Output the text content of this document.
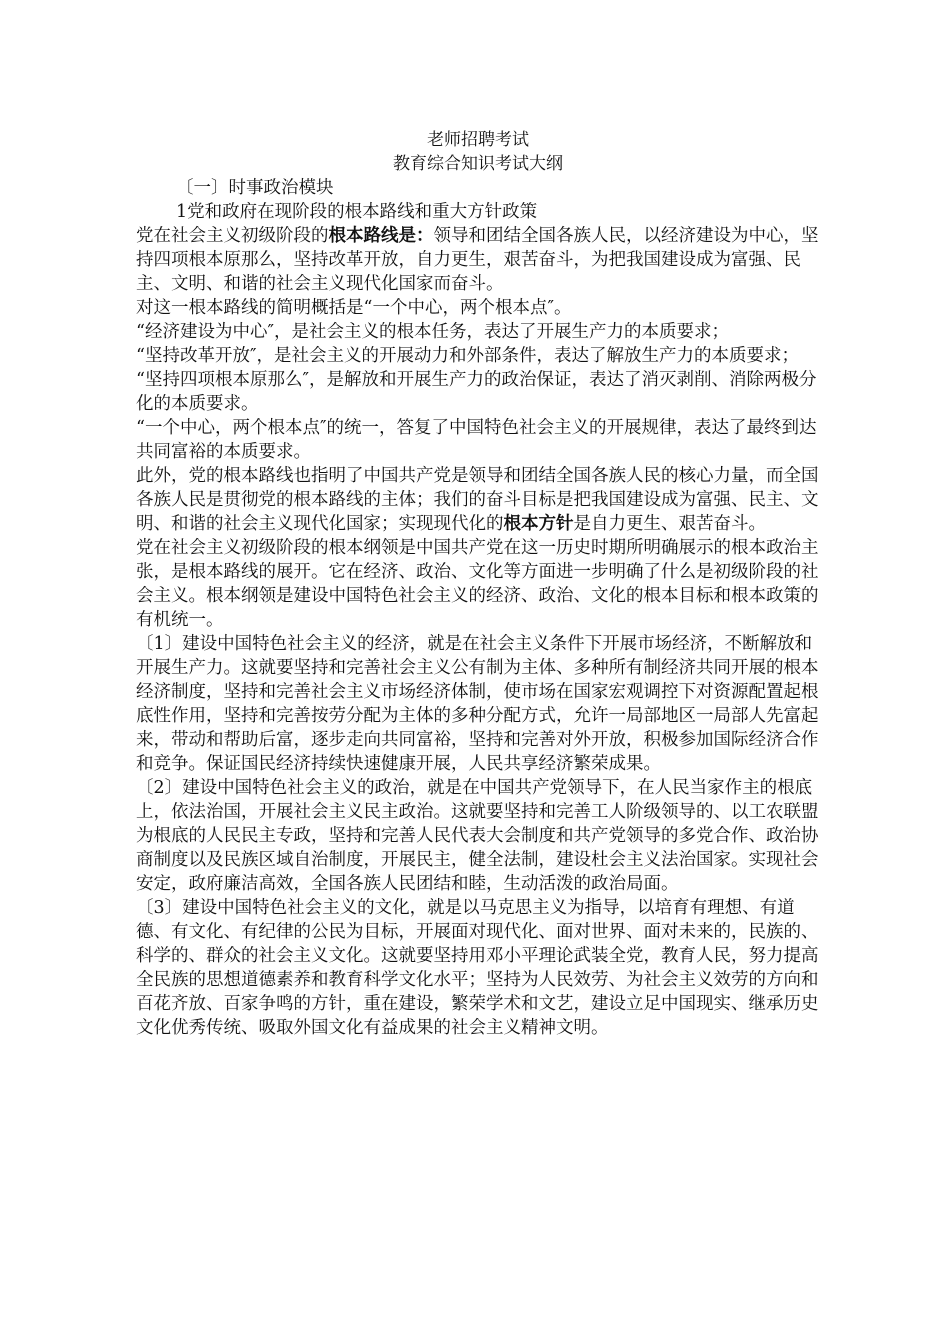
老师招聘考试

教育综合知识考试大纲

〔一〕时事政治模块

1党和政府在现阶段的根本路线和重大方针政策

党在社会主义初级阶段的根本路线是：领导和团结全国各族人民，以经济建设为中心，坚持四项根本原那么，坚持改革开放，自力更生，艰苦奋斗，为把我国建设成为富强、民主、文明、和谐的社会主义现代化国家而奋斗。

对这一根本路线的简明概括是“一个中心，两个根本点″。

“经济建设为中心″，是社会主义的根本任务，表达了开展生产力的本质要求；

“坚持改革开放″，是社会主义的开展动力和外部条件，表达了解放生产力的本质要求；

“坚持四项根本原那么″，是解放和开展生产力的政治保证，表达了消灭剥削、消除两极分化的本质要求。

“一个中心，两个根本点″的统一，答复了中国特色社会主义的开展规律，表达了最终到达共同富裕的本质要求。

此外，党的根本路线也指明了中国共产党是领导和团结全国各族人民的核心力量，而全国各族人民是贯彻党的根本路线的主体；我们的奋斗目标是把我国建设成为富强、民主、文明、和谐的社会主义现代化国家；实现现代化的根本方针是自力更生、艰苦奋斗。

党在社会主义初级阶段的根本纲领是中国共产党在这一历史时期所明确展示的根本政治主张，是根本路线的展开。它在经济、政治、文化等方面进一步明确了什么是初级阶段的社会主义。根本纲领是建设中国特色社会主义的经济、政治、文化的根本目标和根本政策的有机统一。

〔1〕建设中国特色社会主义的经济，就是在社会主义条件下开展市场经济，不断解放和开展生产力。这就要坚持和完善社会主义公有制为主体、多种所有制经济共同开展的根本经济制度，坚持和完善社会主义市场经济体制，使市场在国家宏观调控下对资源配置起根底性作用，坚持和完善按劳分配为主体的多种分配方式，允许一局部地区一局部人先富起来，带动和帮助后富，逐步走向共同富裕，坚持和完善对外开放，积极参加国际经济合作和竞争。保证国民经济持续快速健康开展，人民共享经济繁荣成果。

〔2〕建设中国特色社会主义的政治，就是在中国共产党领导下，在人民当家作主的根底上，依法治国，开展社会主义民主政治。这就要坚持和完善工人阶级领导的、以工农联盟为根底的人民民主专政，坚持和完善人民代表大会制度和共产党领导的多党合作、政治协商制度以及民族区域自治制度，开展民主，健全法制，建设杜会主义法治国家。实现社会安定，政府廉洁高效，全国各族人民团结和睦，生动活泼的政治局面。

〔3〕建设中国特色社会主义的文化，就是以马克思主义为指导，以培育有理想、有道德、有文化、有纪律的公民为目标，开展面对现代化、面对世界、面对未来的，民族的、科学的、群众的社会主义文化。这就要坚持用邓小平理论武装全党，教育人民，努力提高全民族的思想道德素养和教育科学文化水平；坚持为人民效劳、为社会主义效劳的方向和百花齐放、百家争鸣的方针，重在建设，繁荣学术和文艺，建设立足中国现实、继承历史文化优秀传统、吸取外国文化有益成果的社会主义精神文明。
